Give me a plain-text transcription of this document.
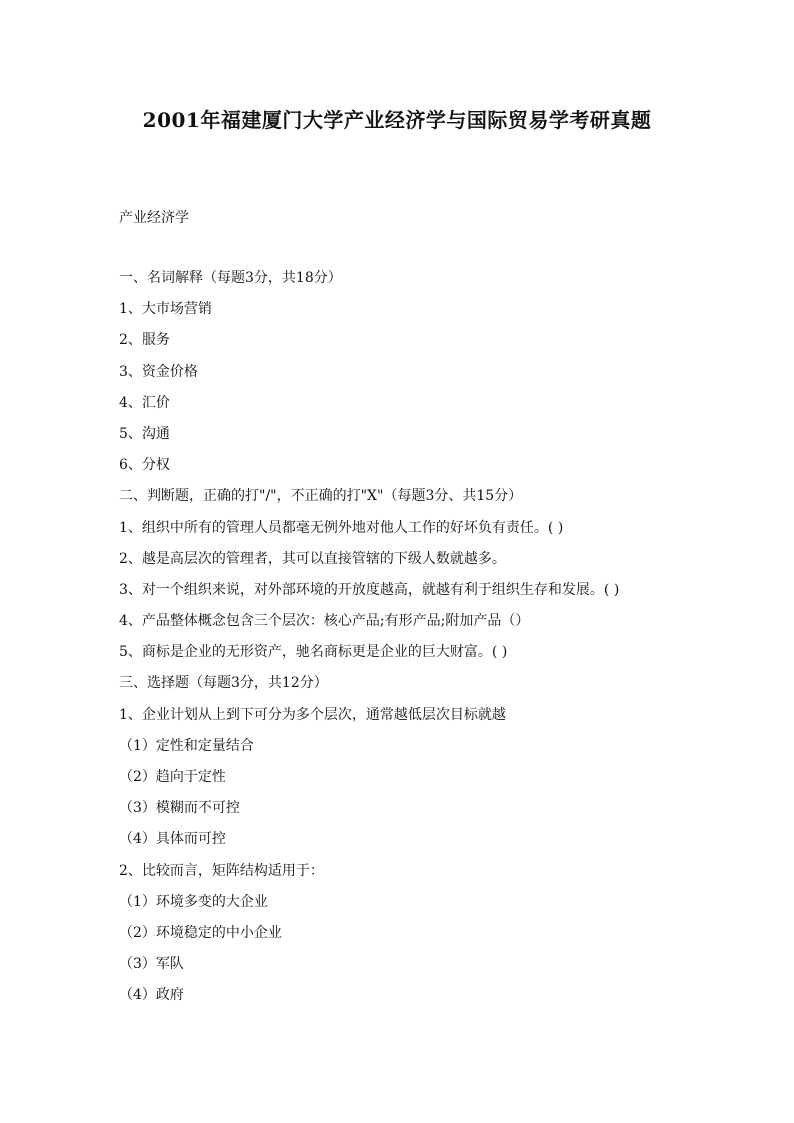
2001年福建厦门大学产业经济学与国际贸易学考研真题
产业经济学
一、名词解释（每题3分，共18分）
1、大市场营销
2、服务
3、资金价格
4、汇价
5、沟通
6、分权
二、判断题，正确的打"/"，不正确的打"X"（每题3分、共15分）
1、组织中所有的管理人员都毫无例外地对他人工作的好坏负有责任。( )
2、越是高层次的管理者，其可以直接管辖的下级人数就越多。
3、对一个组织来说，对外部环境的开放度越高，就越有利于组织生存和发展。( )
4、产品整体概念包含三个层次：核心产品;有形产品;附加产品（）
5、商标是企业的无形资产，驰名商标更是企业的巨大财富。( )
三、选择题（每题3分，共12分）
1、企业计划从上到下可分为多个层次，通常越低层次目标就越
（1）定性和定量结合
（2）趋向于定性
（3）模糊而不可控
（4）具体而可控
2、比较而言，矩阵结构适用于：
（1）环境多变的大企业
（2）环境稳定的中小企业
（3）军队
（4）政府
